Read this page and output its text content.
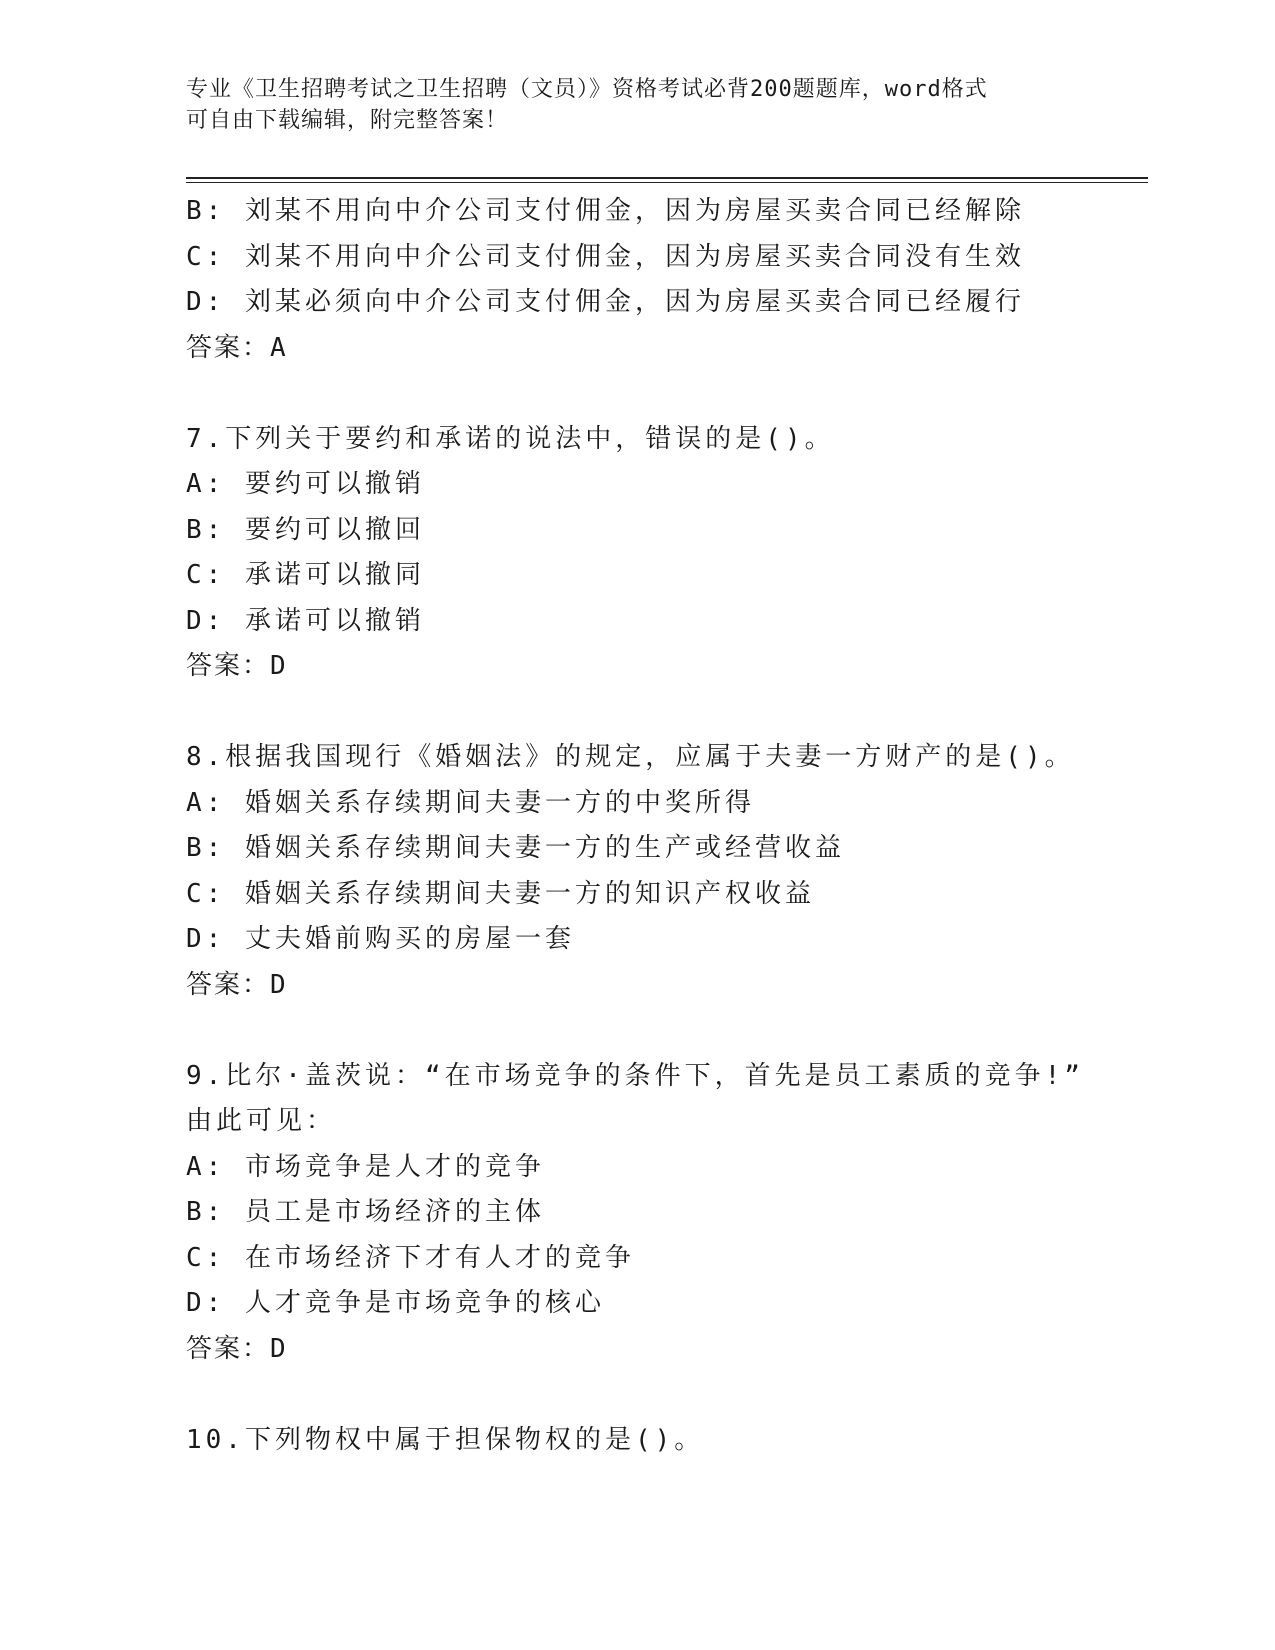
专业《卫生招聘考试之卫生招聘（文员）》资格考试必背200题题库，word格式
可自由下载编辑，附完整答案！
B: 刘某不用向中介公司支付佣金，因为房屋买卖合同已经解除
C: 刘某不用向中介公司支付佣金，因为房屋买卖合同没有生效
D: 刘某必须向中介公司支付佣金，因为房屋买卖合同已经履行
答案：A
7.下列关于要约和承诺的说法中，错误的是()。
A: 要约可以撤销
B: 要约可以撤回
C: 承诺可以撤同
D: 承诺可以撤销
答案：D
8.根据我国现行《婚姻法》的规定，应属于夫妻一方财产的是()。
A: 婚姻关系存续期间夫妻一方的中奖所得
B: 婚姻关系存续期间夫妻一方的生产或经营收益
C: 婚姻关系存续期间夫妻一方的知识产权收益
D: 丈夫婚前购买的房屋一套
答案：D
9.比尔·盖茨说：“在市场竞争的条件下，首先是员工素质的竞争!”
由此可见：
A: 市场竞争是人才的竞争
B: 员工是市场经济的主体
C: 在市场经济下才有人才的竞争
D: 人才竞争是市场竞争的核心
答案：D
10.下列物权中属于担保物权的是()。
